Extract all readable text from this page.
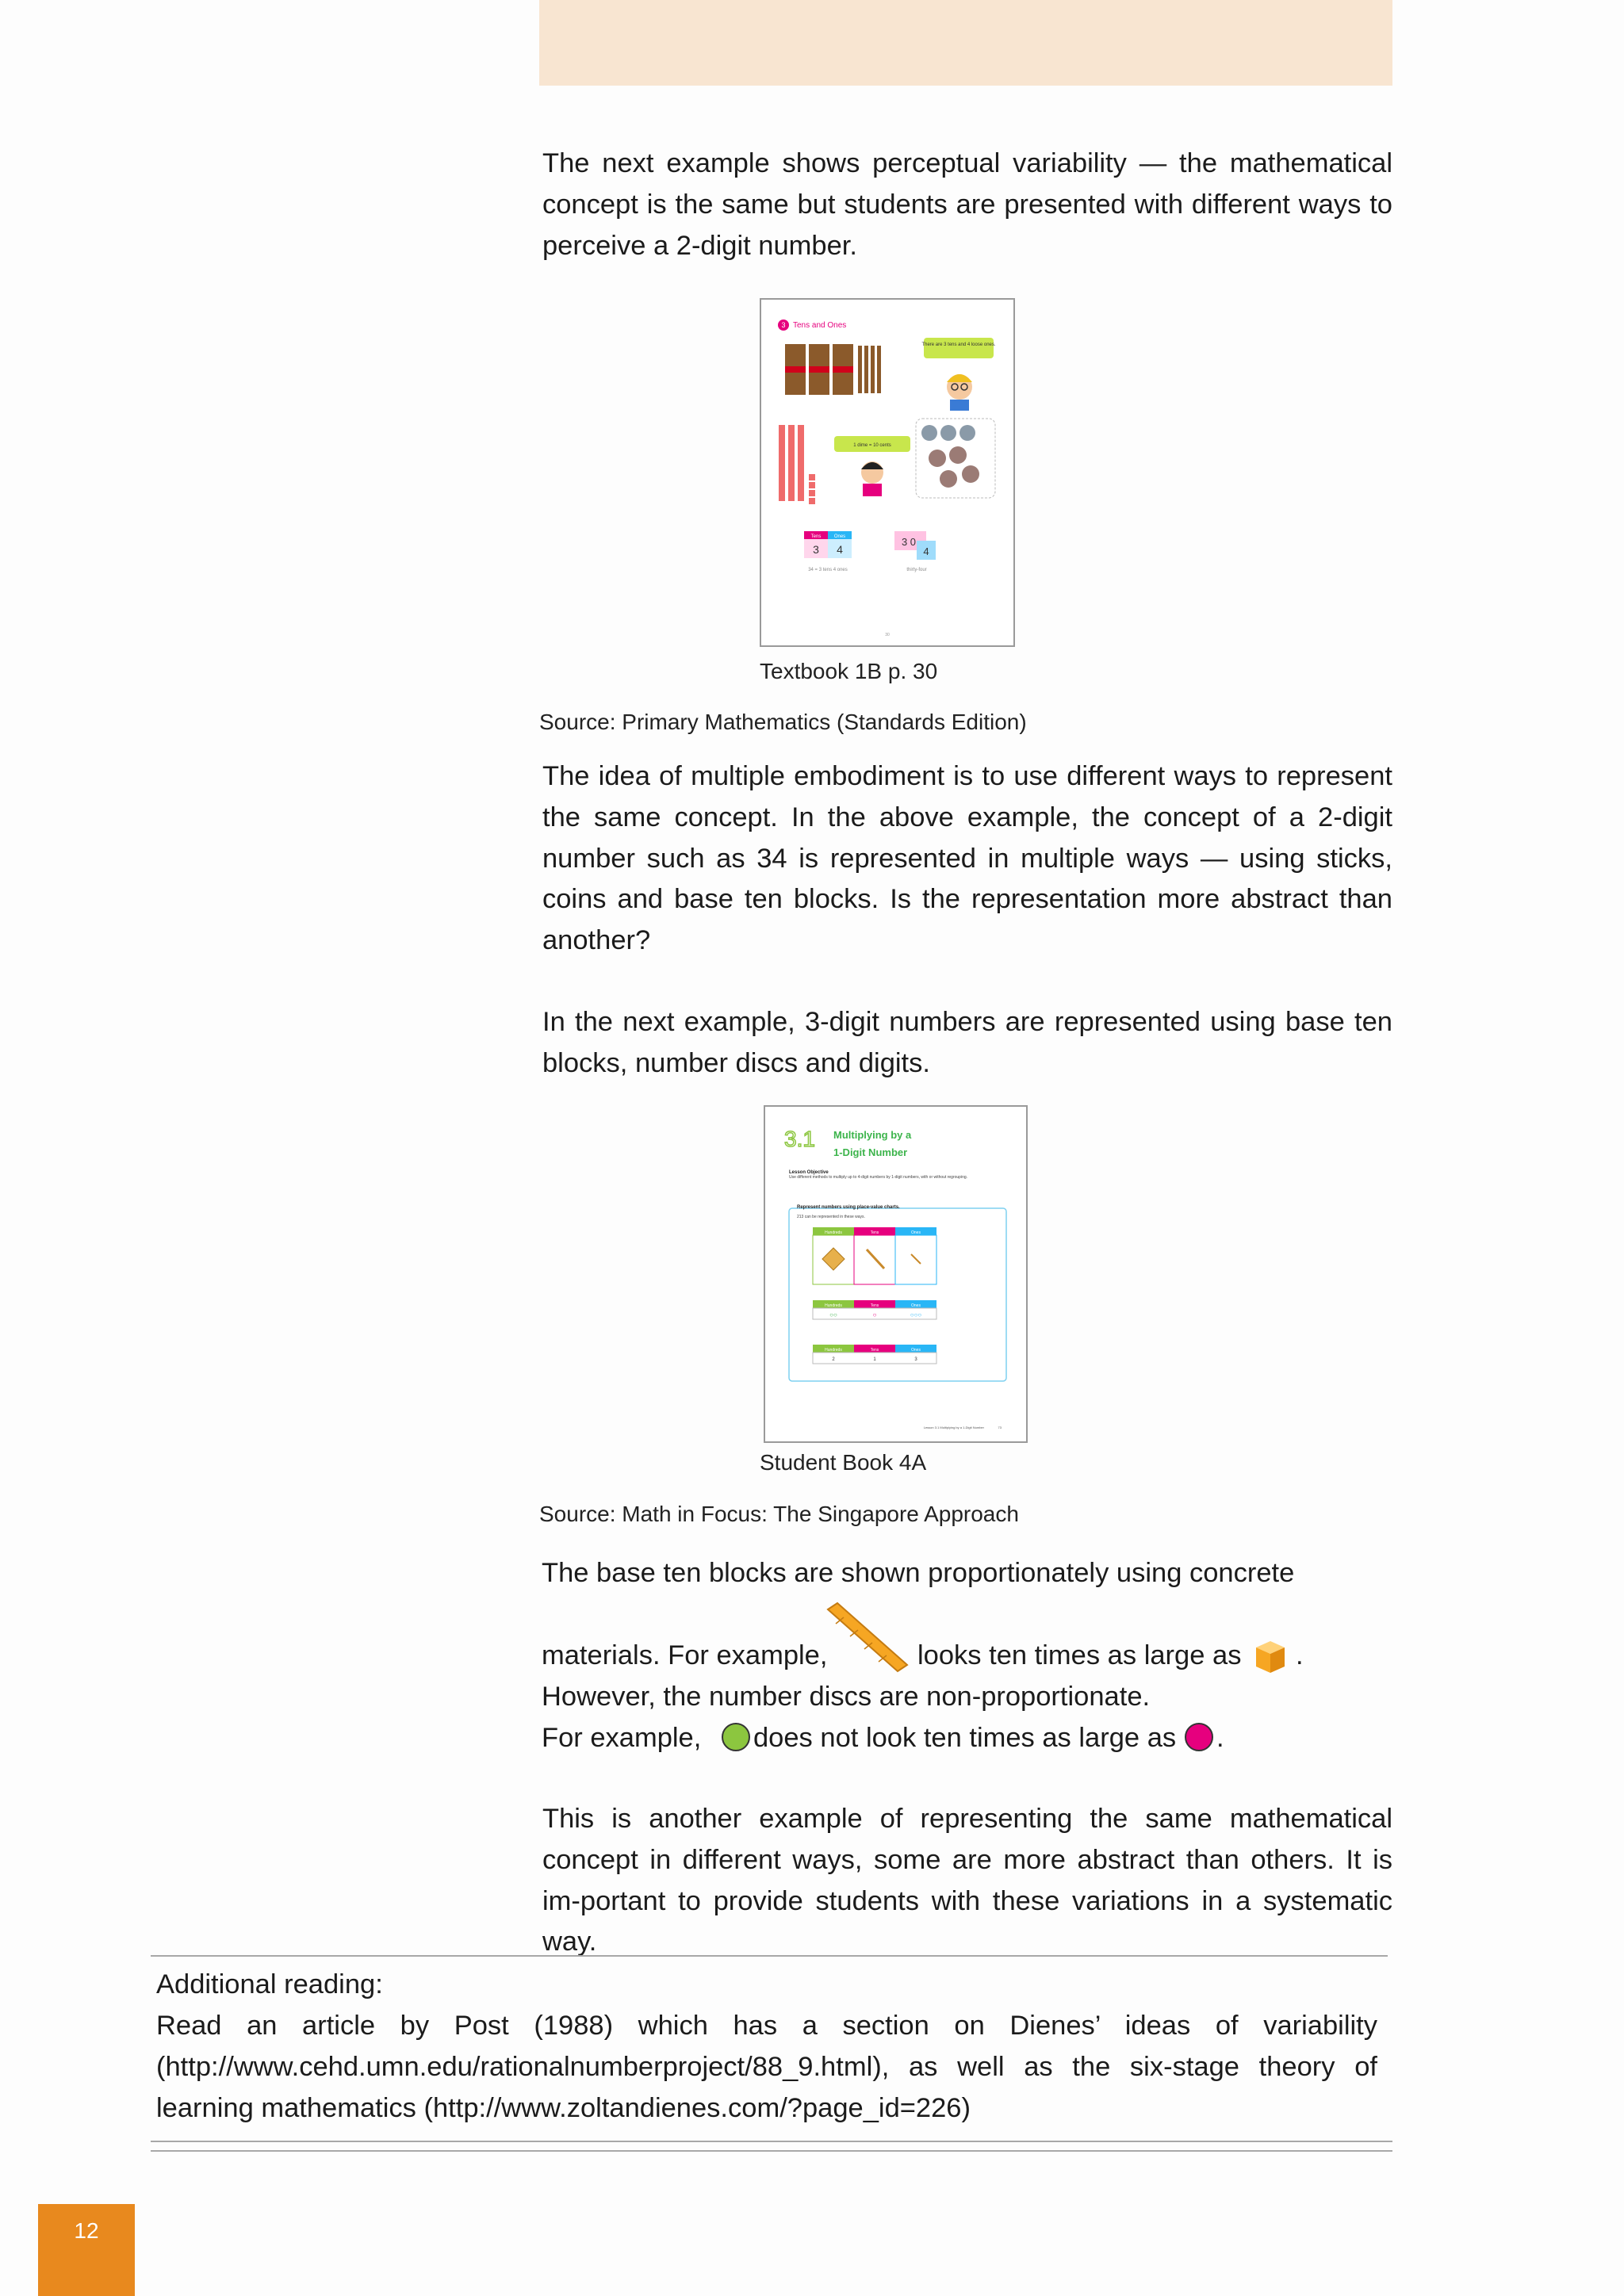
The next example shows perceptual variability — the mathematical concept is the same but students are presented with different ways to perceive a 2-digit number.

3 Tens and Ones
There are 3 tens and 4 loose ones.
1 dime = 10 cents
Tens	Ones
3 4
34 = 3 tens 4 ones
3 0
4
thirty-four
30
Textbook 1B p. 30
Source: Primary Mathematics (Standards Edition)

The idea of multiple embodiment is to use different ways to represent the same concept. In the above example, the concept of a 2-digit number such as 34 is represented in multiple ways — using sticks, coins and base ten blocks. Is the representation more abstract than another?

In the next example, 3-digit numbers are represented using base ten blocks, number discs and digits.

3.1 Multiplying by a
1-Digit Number
Lesson Objective
Use different methods to multiply up to 4-digit numbers by 1-digit numbers, with or without regrouping.
Represent numbers using place-value charts.
213 can be represented in these ways.
Hundreds	Tens	Ones
Hundreds	Tens	Ones
○○	○	○○○
Hundreds	Tens	Ones
2	1	3
Lesson 3.1 Multiplying by a 1-Digit Number	73
Student Book 4A
Source: Math in Focus: The Singapore Approach
The base ten blocks are shown proportionately using concrete
materials. For example,	looks ten times as large as .
However, the number discs are non-proportionate.
For example, does not look ten times as large as .

This is another example of representing the same mathematical concept in different ways, some are more abstract than others. It is im-portant to provide students with these variations in a systematic way.

Additional reading:

Read an article by Post (1988) which has a section on Dienes’ ideas of variability (http://www.cehd.umn.edu/rationalnumberproject/88_9.html), as well as the six-stage theory of learning mathematics (http://www.zoltandienes.com/?page_id=226)

12
